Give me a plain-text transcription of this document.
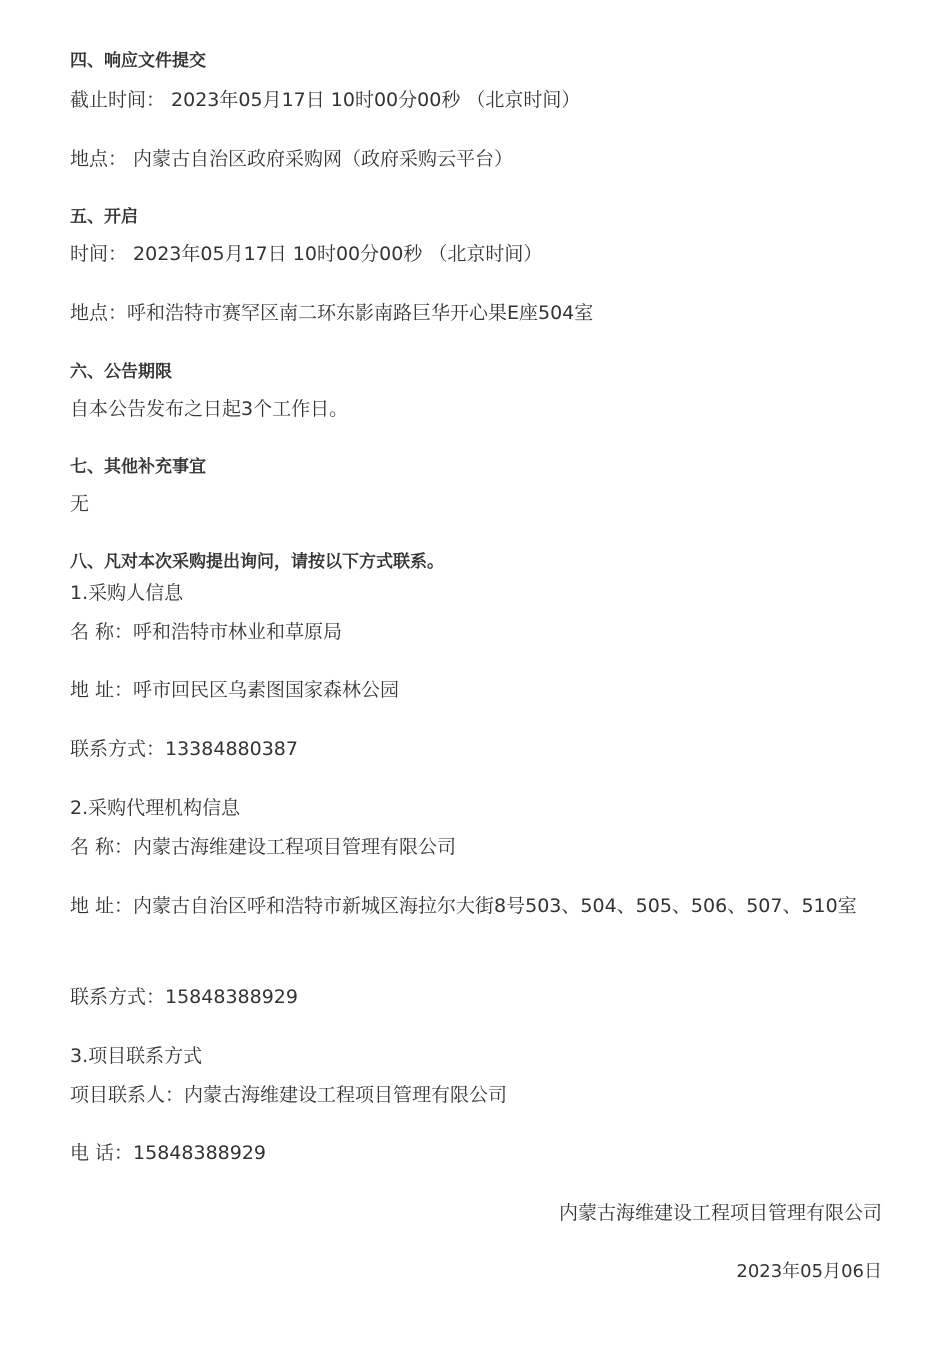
四、响应文件提交
截止时间： 2023年05月17日 10时00分00秒 （北京时间）
地点： 内蒙古自治区政府采购网（政府采购云平台）
五、开启
时间： 2023年05月17日 10时00分00秒 （北京时间）
地点：呼和浩特市赛罕区南二环东影南路巨华开心果E座504室
六、公告期限
自本公告发布之日起3个工作日。
七、其他补充事宜
无
八、凡对本次采购提出询问，请按以下方式联系。
1.采购人信息
名 称：呼和浩特市林业和草原局
地 址：呼市回民区乌素图国家森林公园
联系方式：13384880387
2.采购代理机构信息
名 称：内蒙古海维建设工程项目管理有限公司
地 址：内蒙古自治区呼和浩特市新城区海拉尔大街8号503、504、505、506、507、510室
联系方式：15848388929
3.项目联系方式
项目联系人：内蒙古海维建设工程项目管理有限公司
电 话：15848388929
内蒙古海维建设工程项目管理有限公司
2023年05月06日
